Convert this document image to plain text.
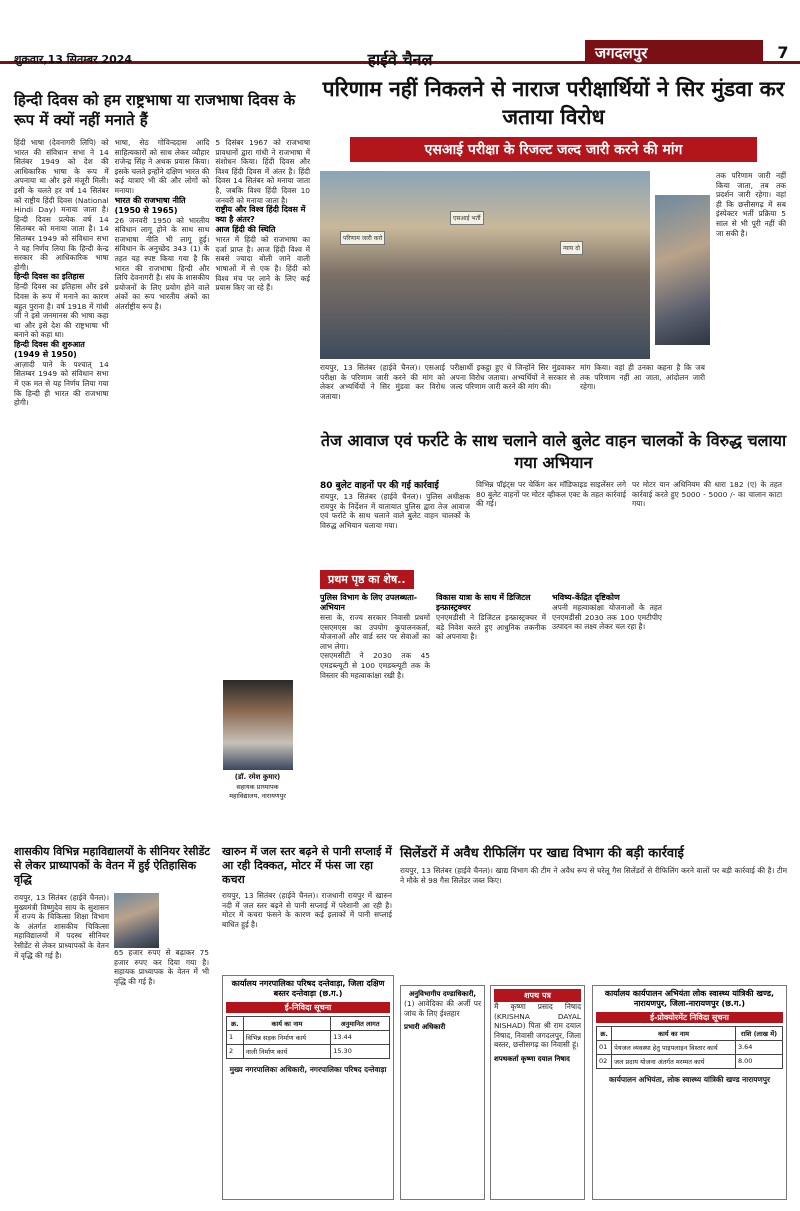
शुक्रवार,13 सितम्बर 2024	हाईवे चैनल	जगदलपुर	7
हिन्दी दिवस को हम राष्ट्रभाषा या राजभाषा दिवस के रूप में क्यों नहीं मनाते हैं
हिंदी भाषा (देवनागरी लिपि) को भारत की संविधान सभा ने 14 सितंबर 1949 को देश की आधिकारिक भाषा के रूप में अपनाया था और इसे मंजूरी मिली। इसी के चलते हर वर्ष 14 सितंबर को राष्ट्रीय हिंदी दिवस (National Hindi Day) मनाया जाता है। हिन्दी दिवस प्रत्येक वर्ष 14 सितम्बर को मनाया जाता है। 14 सितम्बर 1949 को संविधान सभा ने यह निर्णय लिया कि हिन्दी केन्द्र सरकार की आधिकारिक भाषा होगी।
हिन्दी दिवस का इतिहास
हिन्दी दिवस का इतिहास और इसे दिवस के रूप में मनाने का कारण बहुत पुराना है। वर्ष 1918 में गांधी जी ने इसे जनमानस की भाषा कहा था और इसे देश की राष्ट्रभाषा भी बनाने को कहा था।
हिन्दी दिवस की शुरुआत (1949 से 1950)
आज़ादी पाने के पश्चात् 14 सितम्बर 1949 को संविधान सभा में एक मत से यह निर्णय लिया गया कि हिन्दी ही भारत की राजभाषा होगी।
भाषा, सेठ गोविन्ददास आदि साहित्यकारों को साथ लेकर व्यौहार राजेन्द्र सिंह ने अथक प्रयास किया। इसके चलते इन्होंने दक्षिण भारत की कई यात्राएं भी की और लोगों को मनाया।
भारत की राजभाषा नीति (1950 से 1965)
26 जनवरी 1950 को भारतीय संविधान लागू होने के साथ साथ राजभाषा नीति भी लागू हुई। संविधान के अनुच्छेद 343 (1) के तहत यह स्पष्ट किया गया है कि भारत की राजभाषा हिन्दी और लिपि देवनागरी है। संघ के शासकीय प्रयोजनों के लिए प्रयोग होने वाले अंकों का रूप भारतीय अंकों का अंतर्राष्ट्रीय रूप है।
5 दिसंबर 1967 को राजभाषा प्रावधानों द्वारा गांधी ने राजभाषा में संशोधन किया। हिंदी दिवस और विश्व हिंदी दिवस में अंतर है। हिंदी दिवस 14 सितंबर को मनाया जाता है, जबकि विश्व हिंदी दिवस 10 जनवरी को मनाया जाता है।
राष्ट्रीय और विश्व हिंदी दिवस में क्या है अंतर?
आज हिंदी की स्थिति
भारत में हिंदी को राजभाषा का दर्जा प्राप्त है। आज हिंदी विश्व में सबसे ज्यादा बोली जाने वाली भाषाओं में से एक है। हिंदी को विश्व मंच पर लाने के लिए कई प्रयास किए जा रहे हैं।
परिणाम नहीं निकलने से नाराज परीक्षार्थियों ने सिर मुंडवा कर जताया विरोध
एसआई परीक्षा के रिजल्ट जल्द जारी करने की मांग
परिणाम जारी करो
एसआई भर्ती
न्याय दो
तक परिणाम जारी नहीं किया जाता, तब तक प्रदर्शन जारी रहेगा। वहां ही कि छत्तीसगढ़ में सब इंस्पेक्टर भर्ती प्रक्रिया 5 साल से भी पूरी नहीं की जा सकी है।
रायपुर, 13 सितंबर (हाईवे चैनल)। एसआई परीक्षा के परिणाम जारी करने की मांग को लेकर अभ्यर्थियों ने सिर मुंडवा कर विरोध जताया।
परीक्षार्थी इकट्ठा हुए थे जिन्होंने सिर मुंडवाकर अपना विरोध जताया। अभ्यर्थियों ने सरकार से जल्द परिणाम जारी करने की मांग की।
मांग किया। वहां ही उनका कहना है कि जब तक परिणाम नहीं आ जाता, आंदोलन जारी रहेगा।
तेज आवाज एवं फर्राटे के साथ चलाने वाले बुलेट वाहन चालकों के विरुद्ध चलाया गया अभियान
80 बुलेट वाहनों पर की गई कार्रवाई
रायपुर, 13 सितंबर (हाईवे चैनल)। पुलिस अधीक्षक रायपुर के निर्देशन में यातायात पुलिस द्वारा तेज आवाज एवं फर्राटे के साथ चलाने वाले बुलेट वाहन चालकों के विरुद्ध अभियान चलाया गया।
विभिन्न पॉइंट्स पर चेकिंग कर मॉडिफाइड साइलेंसर लगे 80 बुलेट वाहनों पर मोटर व्हीकल एक्ट के तहत कार्रवाई की गई।
पर मोटर यान अधिनियम की धारा 182 (ए) के तहत कार्रवाई करते हुए 5000 - 5000 /- का चालान काटा गया।
प्रथम पृष्ठ का शेष..
पुलिस विभाग के लिए उपलब्धता-अभियान
सत्ता के, राज्य सरकार निवासी प्रथमों एसएमएस का उपयोग कुपालनकर्ता, योजनाओं और वार्ड स्तर पर सेवाओं का लाभ लेगा।
एसएमसीटी ने 2030 तक 45 एमडब्ल्यूटी से 100 एमडब्ल्यूटी तक के विस्तार की महत्वाकांक्षा रखी है।
विकास यात्रा के साथ में डिजिटल इन्फ्रास्ट्रक्चर
एनएमडीसी ने डिजिटल इन्फ्रास्ट्रक्चर में बड़े निवेश करते हुए आधुनिक तकनीक को अपनाया है।
भविष्य-केंद्रित दृष्टिकोण
अपनी महत्वाकांक्षा योजनाओं के तहत एनएमडीसी 2030 तक 100 एमटीपीए उत्पादन का लक्ष्य लेकर चल रहा है।
(डॉ. रमेश कुमार)
सहायक प्राध्यापक
महाविद्यालय, नारायणपुर
शासकीय विभिन्न महाविद्यालयों के सीनियर रेसीडेंट से लेकर प्राध्यापकों के वेतन में हुई ऐतिहासिक वृद्धि
रायपुर, 13 सितंबर (हाईवे चैनल)। मुख्यमंत्री विष्णुदेव साय के सुशासन में राज्य के चिकित्सा शिक्षा विभाग के अंतर्गत शासकीय चिकित्सा महाविद्यालयों में पदस्थ सीनियर रेसीडेंट से लेकर प्राध्यापकों के वेतन में वृद्धि की गई है।	65 हजार रुपए से बढ़ाकर 75 हजार रुपए कर दिया गया है। सहायक प्राध्यापक के वेतन में भी वृद्धि की गई है।
खारुन में जल स्तर बढ़ने से पानी सप्लाई में आ रही दिक्कत, मोटर में फंस जा रहा कचरा
रायपुर, 13 सितंबर (हाईवे चैनल)। राजधानी रायपुर में खारुन नदी में जल स्तर बढ़ने से पानी सप्लाई में परेशानी आ रही है। मोटर में कचरा फंसने के कारण कई इलाकों में पानी सप्लाई बाधित हुई है।
सिलेंडरों में अवैध रीफिलिंग पर खाद्य विभाग की बड़ी कार्रवाई
रायपुर, 13 सितंबर (हाईवे चैनल)। खाद्य विभाग की टीम ने अवैध रूप से घरेलू गैस सिलेंडरों से रीफिलिंग करने वालों पर बड़ी कार्रवाई की है। टीम ने मौके से 98 गैस सिलेंडर जब्त किए।
अनुविभागीय दण्डाधिकारी,
(1) आवेदिका की अर्जी पर जांच के लिए ईश्तहार
प्रभारी अधिकारी
शपथ पत्र
मैं कृष्णा प्रसाद निषाद (KRISHNA DAYAL NISHAD) पिता श्री राम दयाल निषाद, निवासी जगदलपुर, जिला बस्तर, छत्तीसगढ़ का निवासी हूं।
शपथकर्ता कृष्णा दयाल निषाद
कार्यालय नगरपालिका परिषद दन्तेवाड़ा, जिला दक्षिण बस्तर दन्तेवाड़ा (छ.ग.)
ई-निविदा सूचना
क्र.	कार्य का नाम	अनुमानित लागत
1	विभिन्न सड़क निर्माण कार्य	13.44
2	नाली निर्माण कार्य	15.30
मुख्य नगरपालिका अधिकारी, नगरपालिका परिषद दन्तेवाड़ा
कार्यालय कार्यपालन अभियंता लोक स्वास्थ्य यांत्रिकी खण्ड, नारायणपुर, जिला-नारायणपुर (छ.ग.)
ई-प्रोक्योरमेंट निविदा सूचना
क्र.	कार्य का नाम	राशि (लाख में)
01	पेयजल व्यवस्था हेतु पाइपलाइन विस्तार कार्य	3.64
02	जल प्रदाय योजना अंतर्गत मरम्मत कार्य	8.00
कार्यपालन अभियंता, लोक स्वास्थ्य यांत्रिकी खण्ड नारायणपुर
